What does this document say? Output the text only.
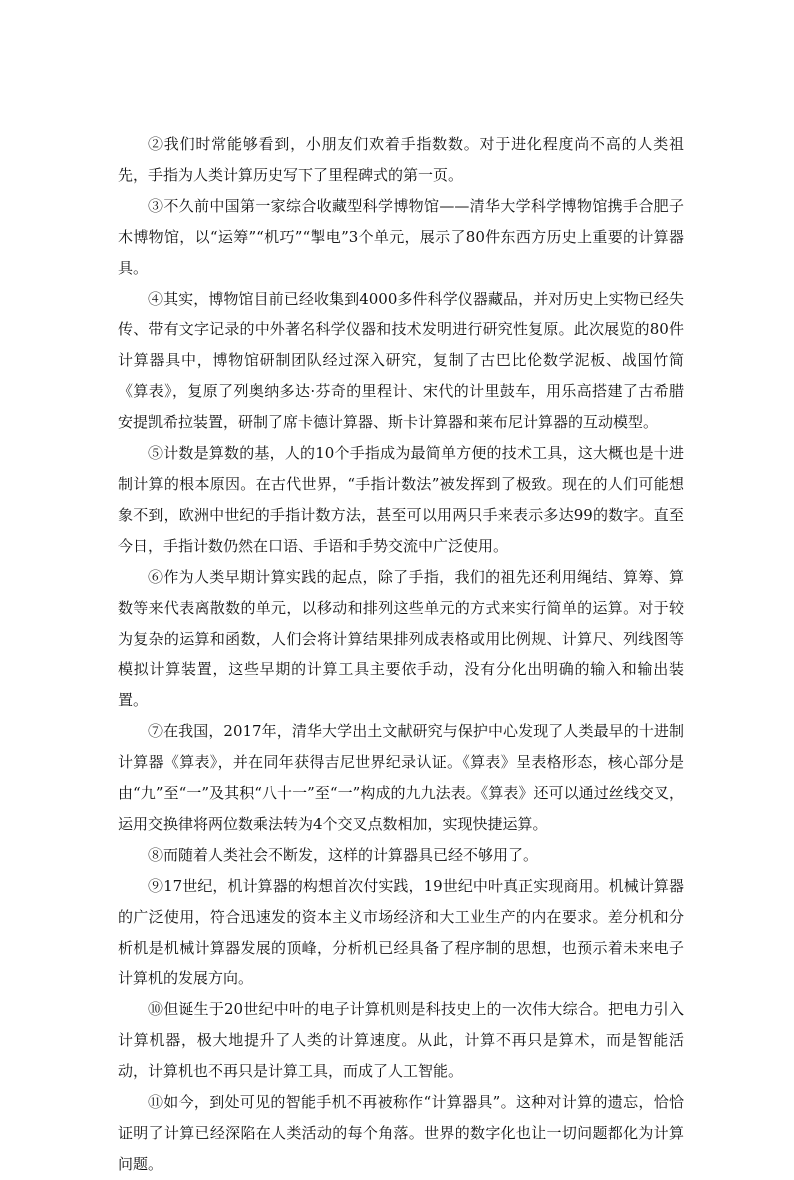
②我们时常能够看到，小朋友们欢着手指数数。对于进化程度尚不高的人类祖先，手指为人类计算历史写下了里程碑式的第一页。

③不久前中国第一家综合收藏型科学博物馆——清华大学科学博物馆携手合肥子木博物馆，以“运筹”“机巧”“掣电”3个单元，展示了80件东西方历史上重要的计算器具。

④其实，博物馆目前已经收集到4000多件科学仪器藏品，并对历史上实物已经失传、带有文字记录的中外著名科学仪器和技术发明进行研究性复原。此次展览的80件计算器具中，博物馆研制团队经过深入研究，复制了古巴比伦数学泥板、战国竹简《算表》，复原了列奥纳多达·芬奇的里程计、宋代的计里鼓车，用乐高搭建了古希腊安提凯希拉装置，研制了席卡德计算器、斯卡计算器和莱布尼计算器的互动模型。

⑤计数是算数的基，人的10个手指成为最简单方便的技术工具，这大概也是十进制计算的根本原因。在古代世界，“手指计数法”被发挥到了极致。现在的人们可能想象不到，欧洲中世纪的手指计数方法，甚至可以用两只手来表示多达99的数字。直至今日，手指计数仍然在口语、手语和手势交流中广泛使用。

⑥作为人类早期计算实践的起点，除了手指，我们的祖先还利用绳结、算筹、算数等来代表离散数的单元，以移动和排列这些单元的方式来实行简单的运算。对于较为复杂的运算和函数，人们会将计算结果排列成表格或用比例规、计算尺、列线图等模拟计算装置，这些早期的计算工具主要依手动，没有分化出明确的输入和输出装置。

⑦在我国，2017年，清华大学出土文献研究与保护中心发现了人类最早的十进制计算器《算表》，并在同年获得吉尼世界纪录认证。《算表》呈表格形态，核心部分是由“九”至“一”及其积“八十一”至“一”构成的九九法表。《算表》还可以通过丝线交叉，运用交换律将两位数乘法转为4个交叉点数相加，实现快捷运算。

⑧而随着人类社会不断发，这样的计算器具已经不够用了。

⑨17世纪，机计算器的构想首次付实践，19世纪中叶真正实现商用。机械计算器的广泛使用，符合迅速发的资本主义市场经济和大工业生产的内在要求。差分机和分析机是机械计算器发展的顶峰，分析机已经具备了程序制的思想，也预示着未来电子计算机的发展方向。

⑩但诞生于20世纪中叶的电子计算机则是科技史上的一次伟大综合。把电力引入计算机器，极大地提升了人类的计算速度。从此，计算不再只是算术，而是智能活动，计算机也不再只是计算工具，而成了人工智能。

⑪如今，到处可见的智能手机不再被称作“计算器具”。这种对计算的遗忘，恰恰证明了计算已经深陷在人类活动的每个角落。世界的数字化也让一切问题都化为计算问题。
